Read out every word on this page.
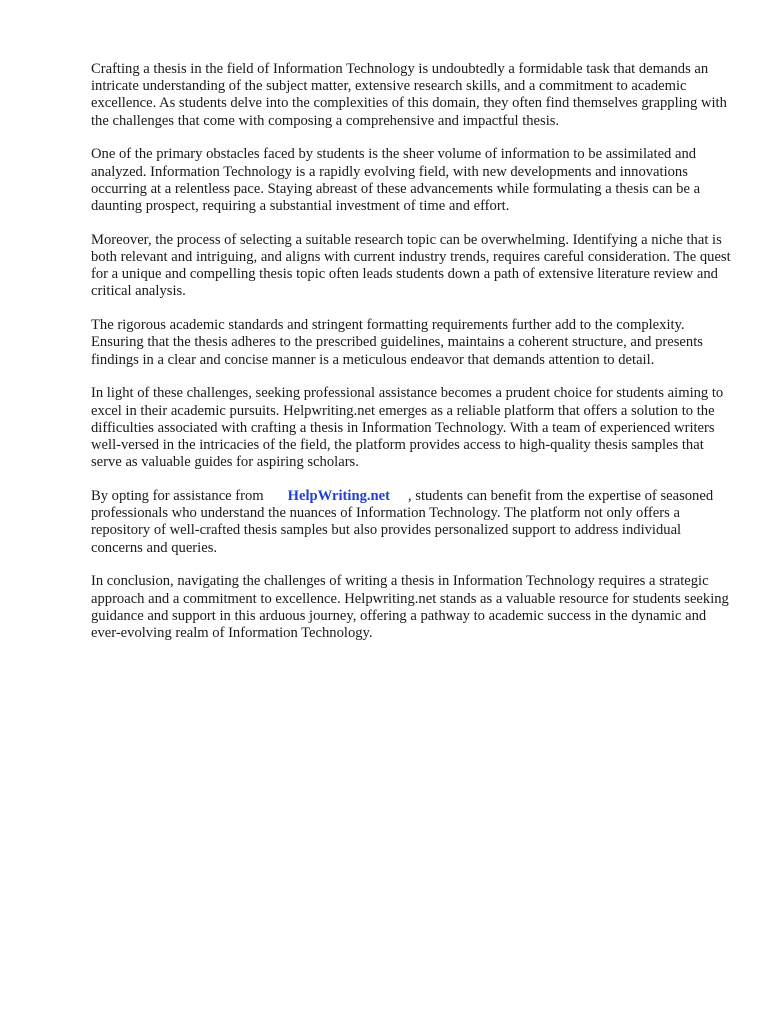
Crafting a thesis in the field of Information Technology is undoubtedly a formidable task that demands an intricate understanding of the subject matter, extensive research skills, and a commitment to academic excellence. As students delve into the complexities of this domain, they often find themselves grappling with the challenges that come with composing a comprehensive and impactful thesis.

One of the primary obstacles faced by students is the sheer volume of information to be assimilated and analyzed. Information Technology is a rapidly evolving field, with new developments and innovations occurring at a relentless pace. Staying abreast of these advancements while formulating a thesis can be a daunting prospect, requiring a substantial investment of time and effort.

Moreover, the process of selecting a suitable research topic can be overwhelming. Identifying a niche that is both relevant and intriguing, and aligns with current industry trends, requires careful consideration. The quest for a unique and compelling thesis topic often leads students down a path of extensive literature review and critical analysis.

The rigorous academic standards and stringent formatting requirements further add to the complexity. Ensuring that the thesis adheres to the prescribed guidelines, maintains a coherent structure, and presents findings in a clear and concise manner is a meticulous endeavor that demands attention to detail.

In light of these challenges, seeking professional assistance becomes a prudent choice for students aiming to excel in their academic pursuits. Helpwriting.net emerges as a reliable platform that offers a solution to the difficulties associated with crafting a thesis in Information Technology. With a team of experienced writers well-versed in the intricacies of the field, the platform provides access to high-quality thesis samples that serve as valuable guides for aspiring scholars.

By opting for assistance from HelpWriting.net , students can benefit from the expertise of seasoned professionals who understand the nuances of Information Technology. The platform not only offers a repository of well-crafted thesis samples but also provides personalized support to address individual concerns and queries.

In conclusion, navigating the challenges of writing a thesis in Information Technology requires a strategic approach and a commitment to excellence. Helpwriting.net stands as a valuable resource for students seeking guidance and support in this arduous journey, offering a pathway to academic success in the dynamic and ever-evolving realm of Information Technology.
